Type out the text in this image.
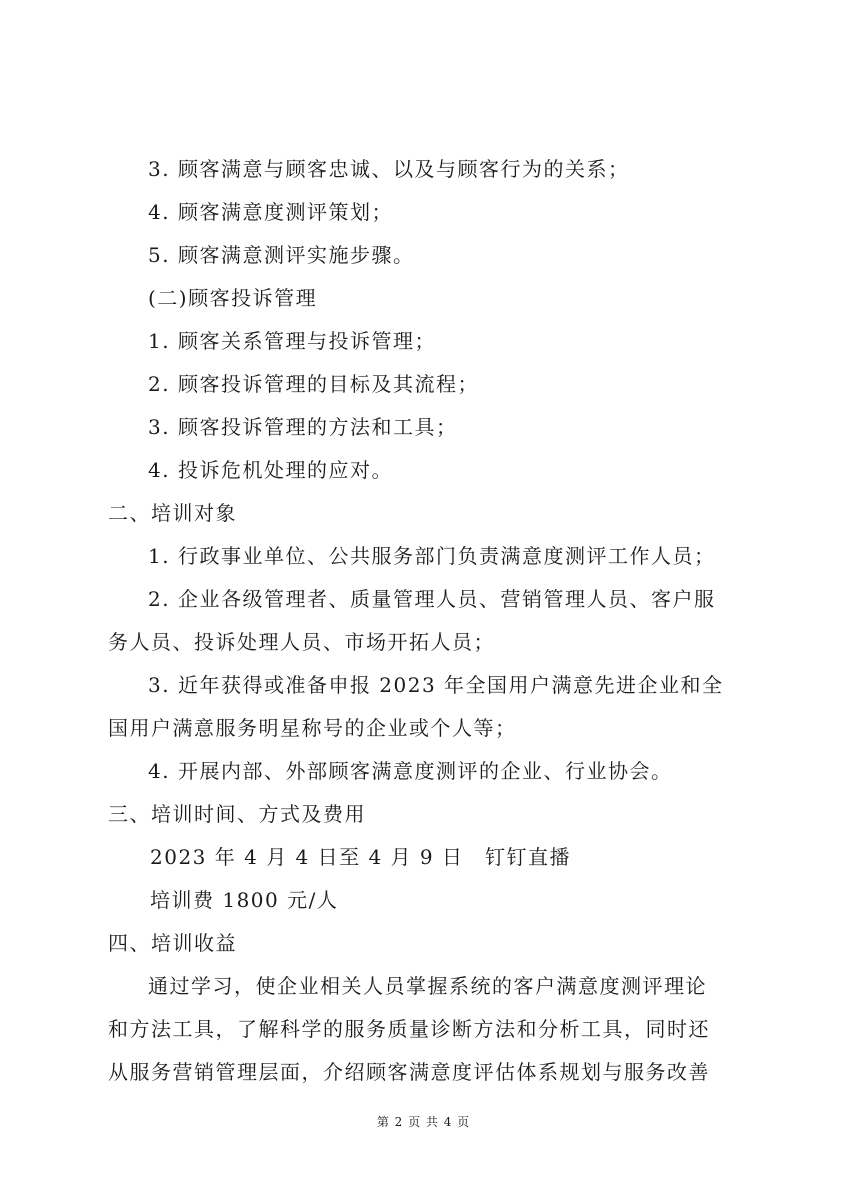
3. 顾客满意与顾客忠诚、以及与顾客行为的关系；
4. 顾客满意度测评策划；
5. 顾客满意测评实施步骤。
(二)顾客投诉管理
1. 顾客关系管理与投诉管理；
2. 顾客投诉管理的目标及其流程；
3. 顾客投诉管理的方法和工具；
4. 投诉危机处理的应对。
二、培训对象
1. 行政事业单位、公共服务部门负责满意度测评工作人员；
2. 企业各级管理者、质量管理人员、营销管理人员、客户服
务人员、投诉处理人员、市场开拓人员；
3. 近年获得或准备申报 2023 年全国用户满意先进企业和全
国用户满意服务明星称号的企业或个人等；
4. 开展内部、外部顾客满意度测评的企业、行业协会。
三、培训时间、方式及费用
2023 年 4 月 4 日至 4 月 9 日　钉钉直播
培训费 1800 元/人
四、培训收益
通过学习，使企业相关人员掌握系统的客户满意度测评理论
和方法工具，了解科学的服务质量诊断方法和分析工具，同时还
从服务营销管理层面，介绍顾客满意度评估体系规划与服务改善
第 2 页 共 4 页
